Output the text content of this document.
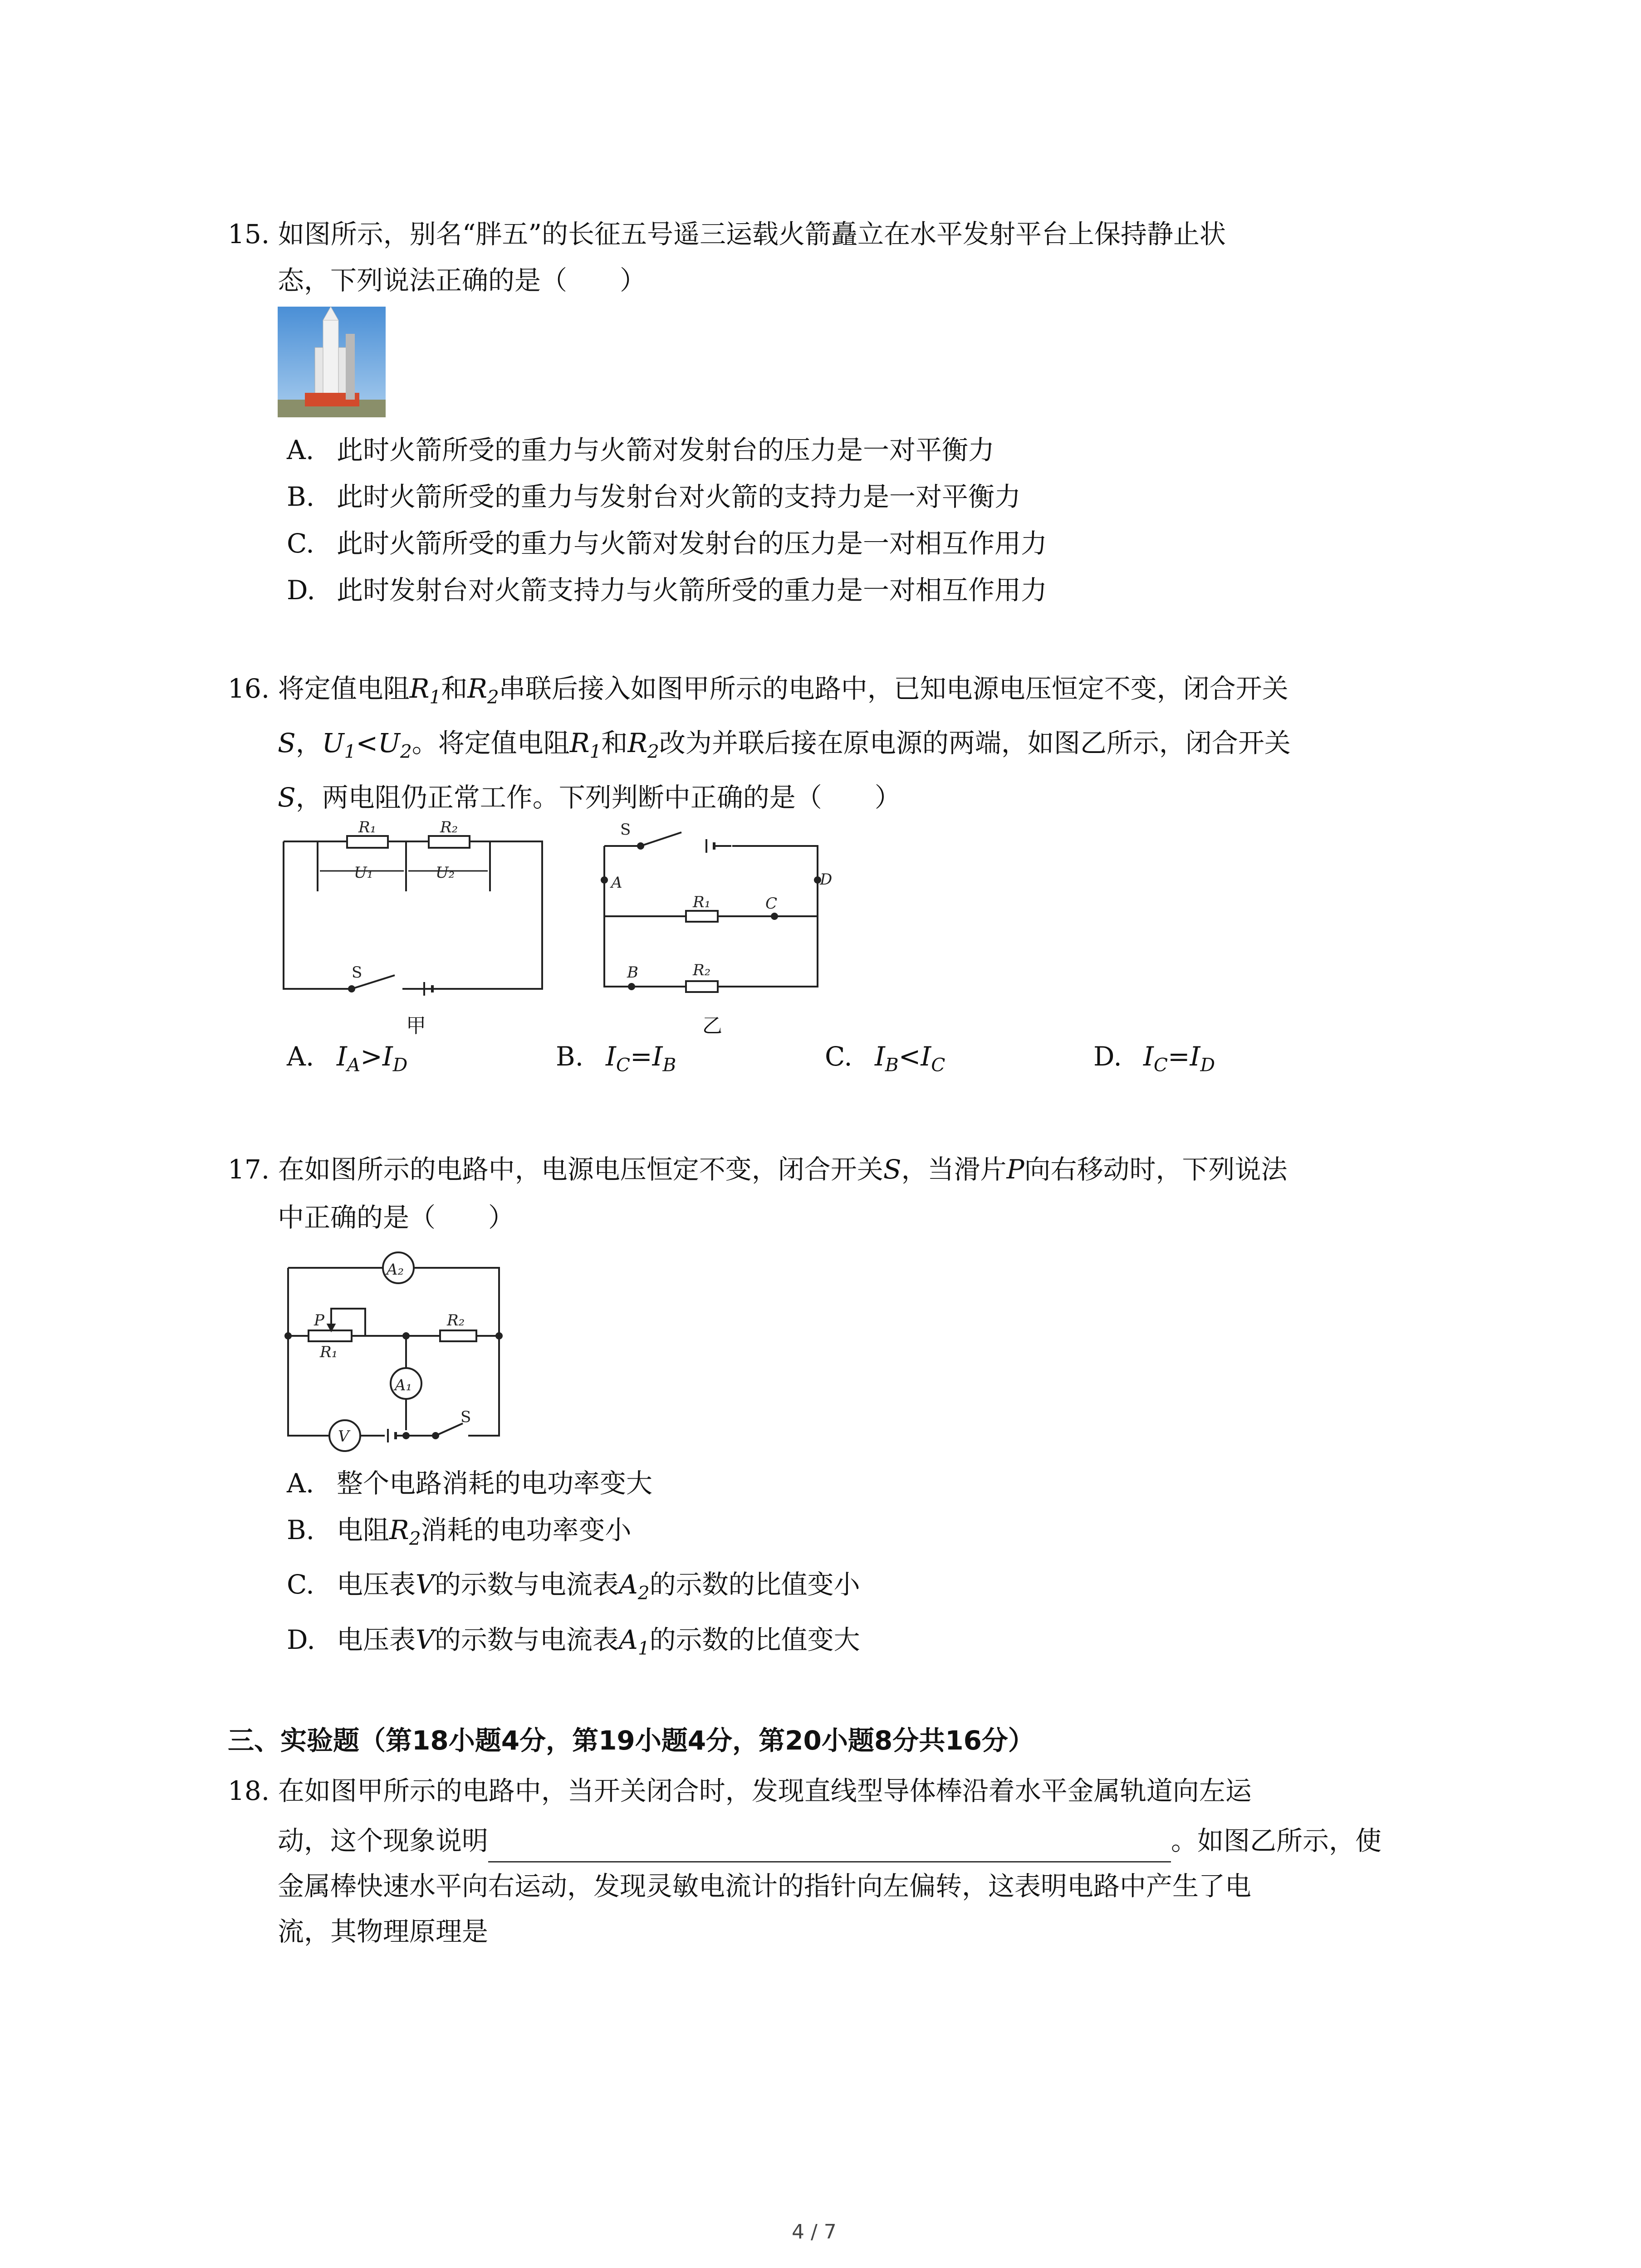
15. 如图所示，别名“胖五”的长征五号遥三运载火箭矗立在水平发射平台上保持静止状
态，下列说法正确的是（　　）
A. 此时火箭所受的重力与火箭对发射台的压力是一对平衡力
B. 此时火箭所受的重力与发射台对火箭的支持力是一对平衡力
C. 此时火箭所受的重力与火箭对发射台的压力是一对相互作用力
D. 此时发射台对火箭支持力与火箭所受的重力是一对相互作用力
16. 将定值电阻$R_1$和$R_2$串联后接入如图甲所示的电路中，已知电源电压恒定不变，闭合开关
S，$U_1<U_2$。将定值电阻$R_1$和$R_2$改为并联后接在原电源的两端，如图乙所示，闭合开关
S，两电阻仍正常工作。下列判断中正确的是（　　）
R₁	R₂
U₁	U₂
S
甲
S
A	D
R₁	C
B	R₂
乙
A. $I_A>I_D$	B. $I_C=I_B$	C. $I_B<I_C$	D. $I_C=I_D$
17. 在如图所示的电路中，电源电压恒定不变，闭合开关S，当滑片P向右移动时，下列说法
中正确的是（　　）
A₂
A₁
V
P
R₁
R₂
S
A. 整个电路消耗的电功率变大
B. 电阻$R_2$消耗的电功率变小
C. 电压表V的示数与电流表$A_2$的示数的比值变小
D. 电压表V的示数与电流表$A_1$的示数的比值变大
三、实验题（第18小题4分，第19小题4分，第20小题8分共16分）
18. 在如图甲所示的电路中，当开关闭合时，发现直线型导体棒沿着水平金属轨道向左运
动，这个现象说明	。如图乙所示，使
金属棒快速水平向右运动，发现灵敏电流计的指针向左偏转，这表明电路中产生了电
流，其物理原理是
4 / 7
